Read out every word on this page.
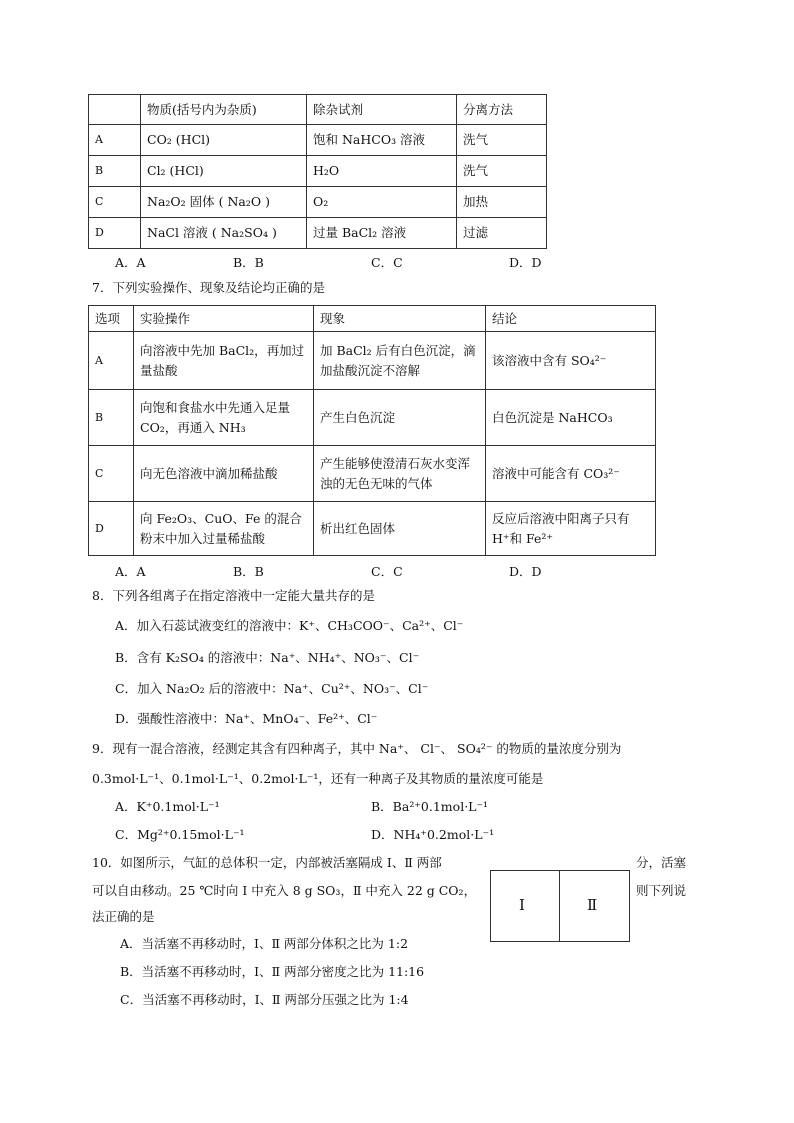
	物质(括号内为杂质)	除杂试剂	分离方法
A	CO₂ (HCl)	饱和 NaHCO₃ 溶液	洗气
B	Cl₂ (HCl)	H₂O	洗气
C	Na₂O₂ 固体 ( Na₂O )	O₂	加热
D	NaCl 溶液 ( Na₂SO₄ )	过量 BaCl₂ 溶液	过滤
A．A	B．B	C．C	D．D
7．下列实验操作、现象及结论均正确的是
选项	实验操作	现象	结论
A	向溶液中先加 BaCl₂，再加过量盐酸	加 BaCl₂ 后有白色沉淀，滴加盐酸沉淀不溶解	该溶液中含有 SO₄²⁻
B	向饱和食盐水中先通入足量 CO₂，再通入 NH₃	产生白色沉淀	白色沉淀是 NaHCO₃
C	向无色溶液中滴加稀盐酸	产生能够使澄清石灰水变浑浊的无色无味的气体	溶液中可能含有 CO₃²⁻
D	向 Fe₂O₃、CuO、Fe 的混合粉末中加入过量稀盐酸	析出红色固体	反应后溶液中阳离子只有 H⁺和 Fe²⁺
A．A	B．B	C．C	D．D
8．下列各组离子在指定溶液中一定能大量共存的是
A．加入石蕊试液变红的溶液中：K⁺、CH₃COO⁻、Ca²⁺、Cl⁻
B．含有 K₂SO₄ 的溶液中：Na⁺、NH₄⁺、NO₃⁻、Cl⁻
C．加入 Na₂O₂ 后的溶液中：Na⁺、Cu²⁺、NO₃⁻、Cl⁻
D．强酸性溶液中：Na⁺、MnO₄⁻、Fe²⁺、Cl⁻
9．现有一混合溶液，经测定其含有四种离子，其中 Na⁺、 Cl⁻、 SO₄²⁻ 的物质的量浓度分别为
0.3mol·L⁻¹、0.1mol·L⁻¹、0.2mol·L⁻¹，还有一种离子及其物质的量浓度可能是
A．K⁺0.1mol·L⁻¹	B．Ba²⁺0.1mol·L⁻¹
C．Mg²⁺0.15mol·L⁻¹	D．NH₄⁺0.2mol·L⁻¹
10．如图所示，气缸的总体积一定，内部被活塞隔成 Ⅰ、Ⅱ 两部	分，活塞
可以自由移动。25 ℃时向 Ⅰ 中充入 8 g SO₃，Ⅱ 中充入 22 g CO₂，	则下列说
法正确的是
Ⅰ	Ⅱ
A．当活塞不再移动时，Ⅰ、Ⅱ 两部分体积之比为 1:2
B．当活塞不再移动时，Ⅰ、Ⅱ 两部分密度之比为 11:16
C．当活塞不再移动时，Ⅰ、Ⅱ 两部分压强之比为 1:4
